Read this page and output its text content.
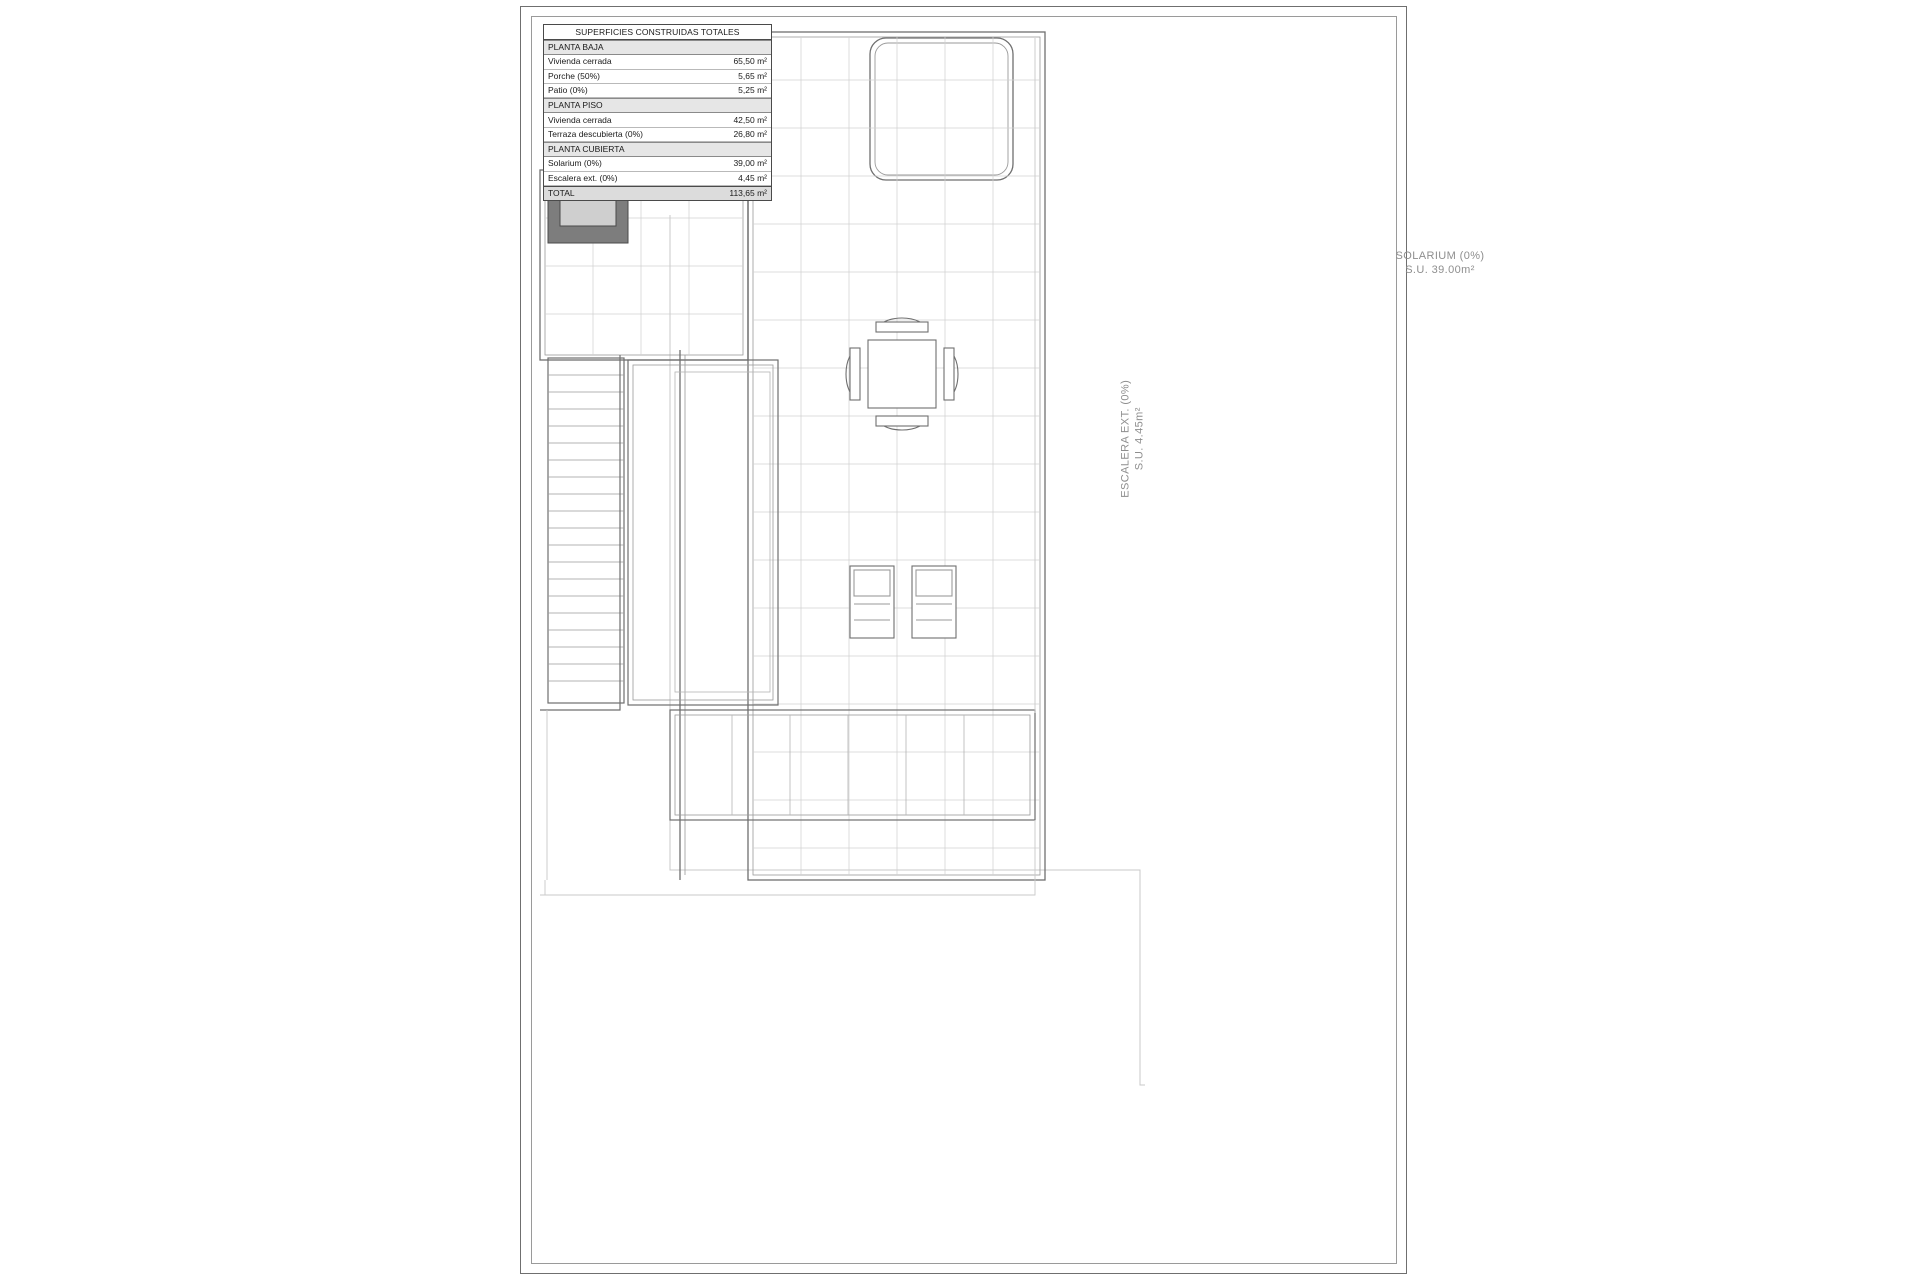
SOLARIUM (0%)
S.U. 39.00m²
ESCALERA EXT. (0%) S.U. 4.45m²
SUPERFICIES CONSTRUIDAS TOTALES
PLANTA BAJA
Vivienda cerrada	65,50 m²
Porche (50%)	5,65 m²
Patio (0%)	5,25 m²
PLANTA PISO
Vivienda cerrada	42,50 m²
Terraza descubierta (0%)	26,80 m²
PLANTA CUBIERTA
Solarium (0%)	39,00 m²
Escalera ext. (0%)	4,45 m²
TOTAL	113,65 m²
